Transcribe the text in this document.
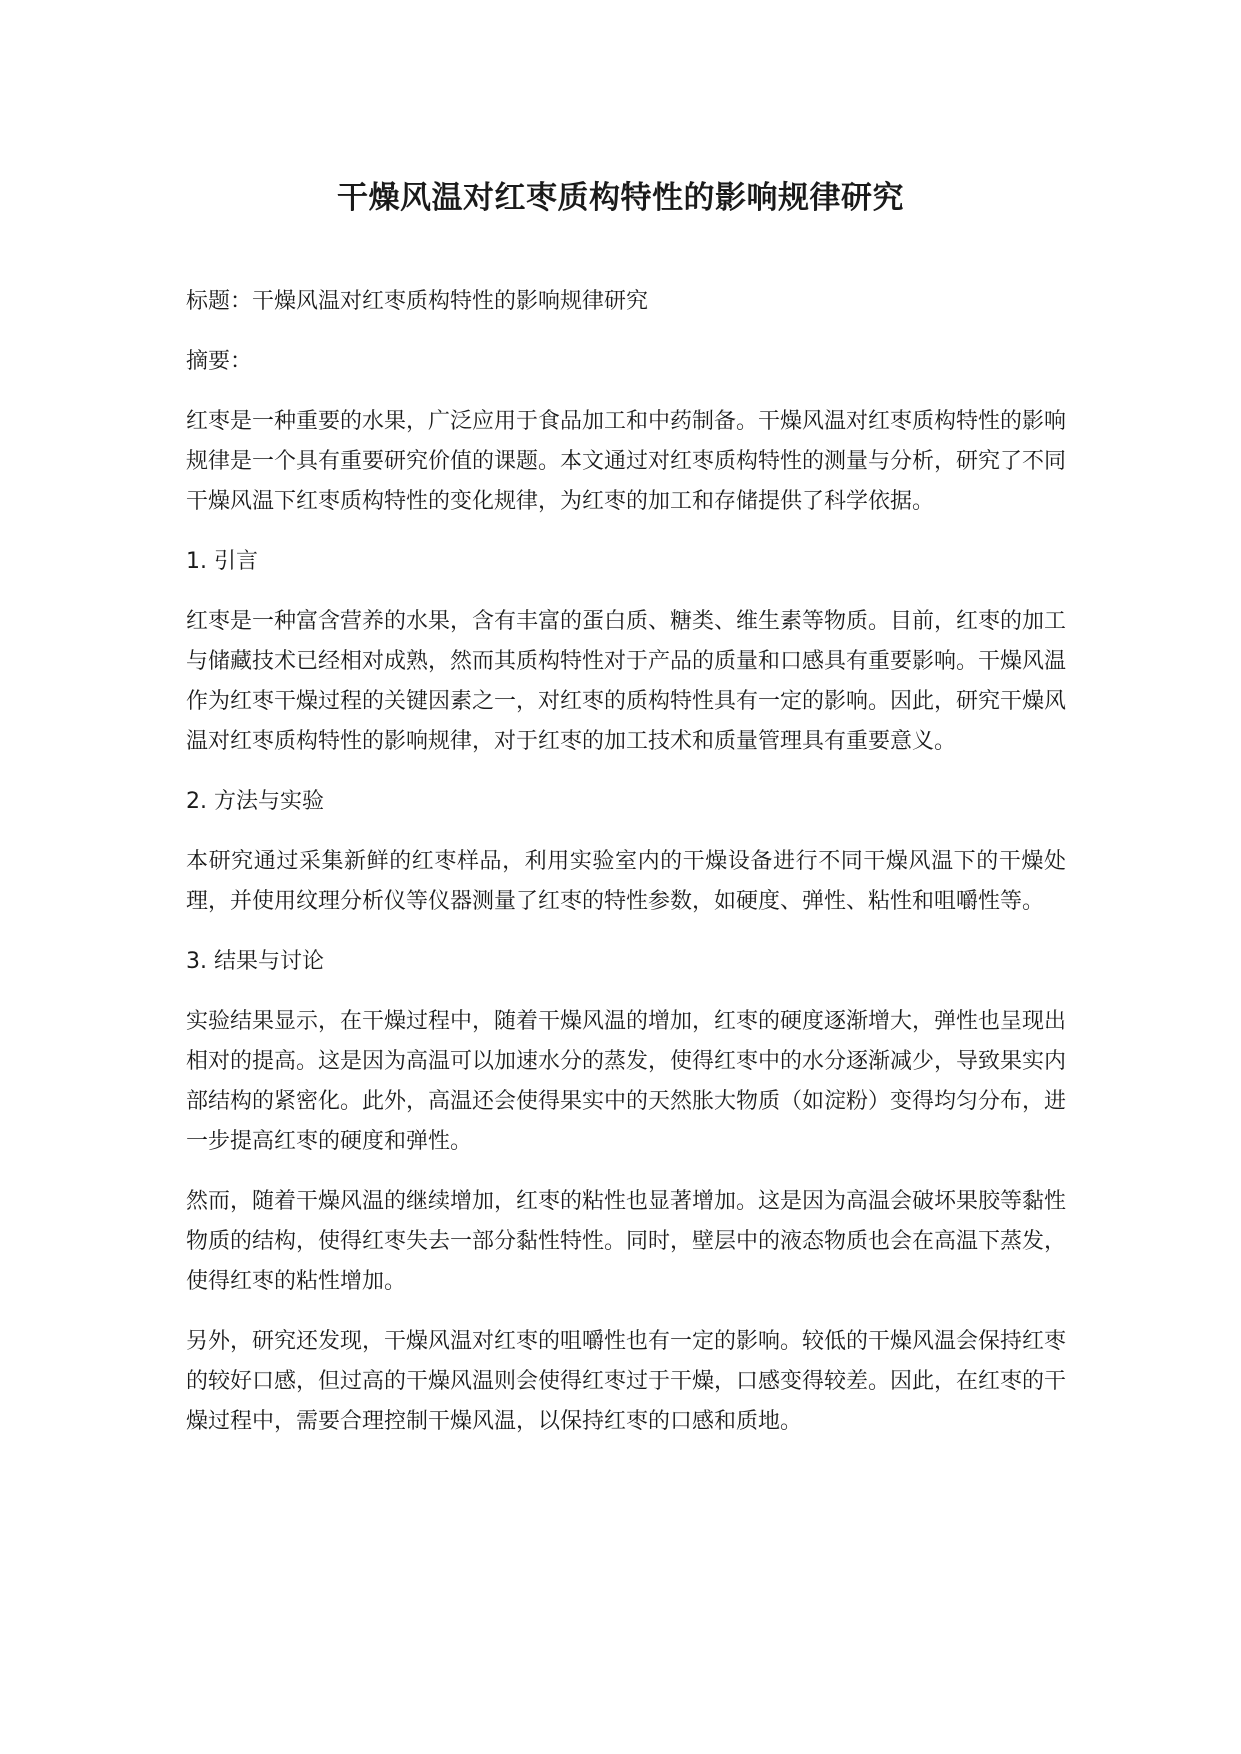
干燥风温对红枣质构特性的影响规律研究

标题：干燥风温对红枣质构特性的影响规律研究

摘要：

红枣是一种重要的水果，广泛应用于食品加工和中药制备。干燥风温对红枣质构特性的影响规律是一个具有重要研究价值的课题。本文通过对红枣质构特性的测量与分析，研究了不同干燥风温下红枣质构特性的变化规律，为红枣的加工和存储提供了科学依据。

1. 引言

红枣是一种富含营养的水果，含有丰富的蛋白质、糖类、维生素等物质。目前，红枣的加工与储藏技术已经相对成熟，然而其质构特性对于产品的质量和口感具有重要影响。干燥风温作为红枣干燥过程的关键因素之一，对红枣的质构特性具有一定的影响。因此，研究干燥风温对红枣质构特性的影响规律，对于红枣的加工技术和质量管理具有重要意义。

2. 方法与实验

本研究通过采集新鲜的红枣样品，利用实验室内的干燥设备进行不同干燥风温下的干燥处理，并使用纹理分析仪等仪器测量了红枣的特性参数，如硬度、弹性、粘性和咀嚼性等。

3. 结果与讨论

实验结果显示，在干燥过程中，随着干燥风温的增加，红枣的硬度逐渐增大，弹性也呈现出相对的提高。这是因为高温可以加速水分的蒸发，使得红枣中的水分逐渐减少，导致果实内部结构的紧密化。此外，高温还会使得果实中的天然胀大物质（如淀粉）变得均匀分布，进一步提高红枣的硬度和弹性。

然而，随着干燥风温的继续增加，红枣的粘性也显著增加。这是因为高温会破坏果胶等黏性物质的结构，使得红枣失去一部分黏性特性。同时，壁层中的液态物质也会在高温下蒸发，使得红枣的粘性增加。

另外，研究还发现，干燥风温对红枣的咀嚼性也有一定的影响。较低的干燥风温会保持红枣的较好口感，但过高的干燥风温则会使得红枣过于干燥，口感变得较差。因此，在红枣的干燥过程中，需要合理控制干燥风温，以保持红枣的口感和质地。
